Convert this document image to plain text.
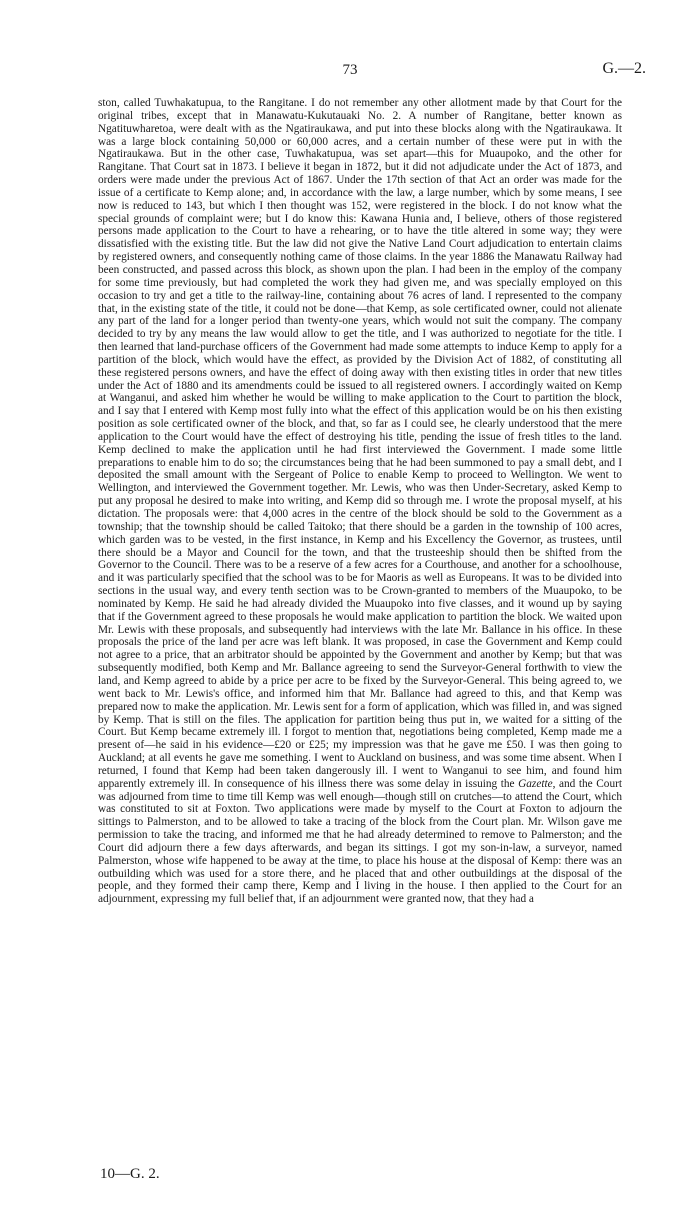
73	G.—2.

ston, called Tuwhakatupua, to the Rangitane. I do not remember any other allotment made by that Court for the original tribes, except that in Manawatu-Kukutauaki No. 2. A number of Rangitane, better known as Ngatituwharetoa, were dealt with as the Ngatiraukawa, and put into these blocks along with the Ngatiraukawa. It was a large block containing 50,000 or 60,000 acres, and a certain number of these were put in with the Ngatiraukawa. But in the other case, Tuwhakatupua, was set apart—this for Muaupoko, and the other for Rangitane. That Court sat in 1873. I believe it began in 1872, but it did not adjudicate under the Act of 1873, and orders were made under the previous Act of 1867. Under the 17th section of that Act an order was made for the issue of a certificate to Kemp alone; and, in accordance with the law, a large number, which by some means, I see now is reduced to 143, but which I then thought was 152, were registered in the block. I do not know what the special grounds of complaint were; but I do know this: Kawana Hunia and, I believe, others of those registered persons made application to the Court to have a rehearing, or to have the title altered in some way; they were dissatisfied with the existing title. But the law did not give the Native Land Court adjudication to entertain claims by registered owners, and consequently nothing came of those claims. In the year 1886 the Manawatu Railway had been constructed, and passed across this block, as shown upon the plan. I had been in the employ of the company for some time previously, but had completed the work they had given me, and was specially employed on this occasion to try and get a title to the railway-line, containing about 76 acres of land. I represented to the company that, in the existing state of the title, it could not be done—that Kemp, as sole certificated owner, could not alienate any part of the land for a longer period than twenty-one years, which would not suit the company. The company decided to try by any means the law would allow to get the title, and I was authorized to negotiate for the title. I then learned that land-purchase officers of the Government had made some attempts to induce Kemp to apply for a partition of the block, which would have the effect, as provided by the Division Act of 1882, of constituting all these registered persons owners, and have the effect of doing away with then existing titles in order that new titles under the Act of 1880 and its amendments could be issued to all registered owners. I accordingly waited on Kemp at Wanganui, and asked him whether he would be willing to make application to the Court to partition the block, and I say that I entered with Kemp most fully into what the effect of this application would be on his then existing position as sole certificated owner of the block, and that, so far as I could see, he clearly understood that the mere application to the Court would have the effect of destroying his title, pending the issue of fresh titles to the land. Kemp declined to make the application until he had first interviewed the Government. I made some little preparations to enable him to do so; the circumstances being that he had been summoned to pay a small debt, and I deposited the small amount with the Sergeant of Police to enable Kemp to proceed to Wellington. We went to Wellington, and interviewed the Government together. Mr. Lewis, who was then Under-Secretary, asked Kemp to put any proposal he desired to make into writing, and Kemp did so through me. I wrote the proposal myself, at his dictation. The proposals were: that 4,000 acres in the centre of the block should be sold to the Government as a township; that the township should be called Taitoko; that there should be a garden in the township of 100 acres, which garden was to be vested, in the first instance, in Kemp and his Excellency the Governor, as trustees, until there should be a Mayor and Council for the town, and that the trusteeship should then be shifted from the Governor to the Council. There was to be a reserve of a few acres for a Courthouse, and another for a schoolhouse, and it was particularly specified that the school was to be for Maoris as well as Europeans. It was to be divided into sections in the usual way, and every tenth section was to be Crown-granted to members of the Muaupoko, to be nominated by Kemp. He said he had already divided the Muaupoko into five classes, and it wound up by saying that if the Government agreed to these proposals he would make application to partition the block. We waited upon Mr. Lewis with these proposals, and subsequently had interviews with the late Mr. Ballance in his office. In these proposals the price of the land per acre was left blank. It was proposed, in case the Government and Kemp could not agree to a price, that an arbitrator should be appointed by the Government and another by Kemp; but that was subsequently modified, both Kemp and Mr. Ballance agreeing to send the Surveyor-General forthwith to view the land, and Kemp agreed to abide by a price per acre to be fixed by the Surveyor-General. This being agreed to, we went back to Mr. Lewis's office, and informed him that Mr. Ballance had agreed to this, and that Kemp was prepared now to make the application. Mr. Lewis sent for a form of application, which was filled in, and was signed by Kemp. That is still on the files. The application for partition being thus put in, we waited for a sitting of the Court. But Kemp became extremely ill. I forgot to mention that, negotiations being completed, Kemp made me a present of—he said in his evidence—£20 or £25; my impression was that he gave me £50. I was then going to Auckland; at all events he gave me something. I went to Auckland on business, and was some time absent. When I returned, I found that Kemp had been taken dangerously ill. I went to Wanganui to see him, and found him apparently extremely ill. In consequence of his illness there was some delay in issuing the Gazette, and the Court was adjourned from time to time till Kemp was well enough—though still on crutches—to attend the Court, which was constituted to sit at Foxton. Two applications were made by myself to the Court at Foxton to adjourn the sittings to Palmerston, and to be allowed to take a tracing of the block from the Court plan. Mr. Wilson gave me permission to take the tracing, and informed me that he had already determined to remove to Palmerston; and the Court did adjourn there a few days afterwards, and began its sittings. I got my son-in-law, a surveyor, named Palmerston, whose wife happened to be away at the time, to place his house at the disposal of Kemp: there was an outbuilding which was used for a store there, and he placed that and other outbuildings at the disposal of the people, and they formed their camp there, Kemp and I living in the house. I then applied to the Court for an adjournment, expressing my full belief that, if an adjournment were granted now, that they had a

10—G. 2.
